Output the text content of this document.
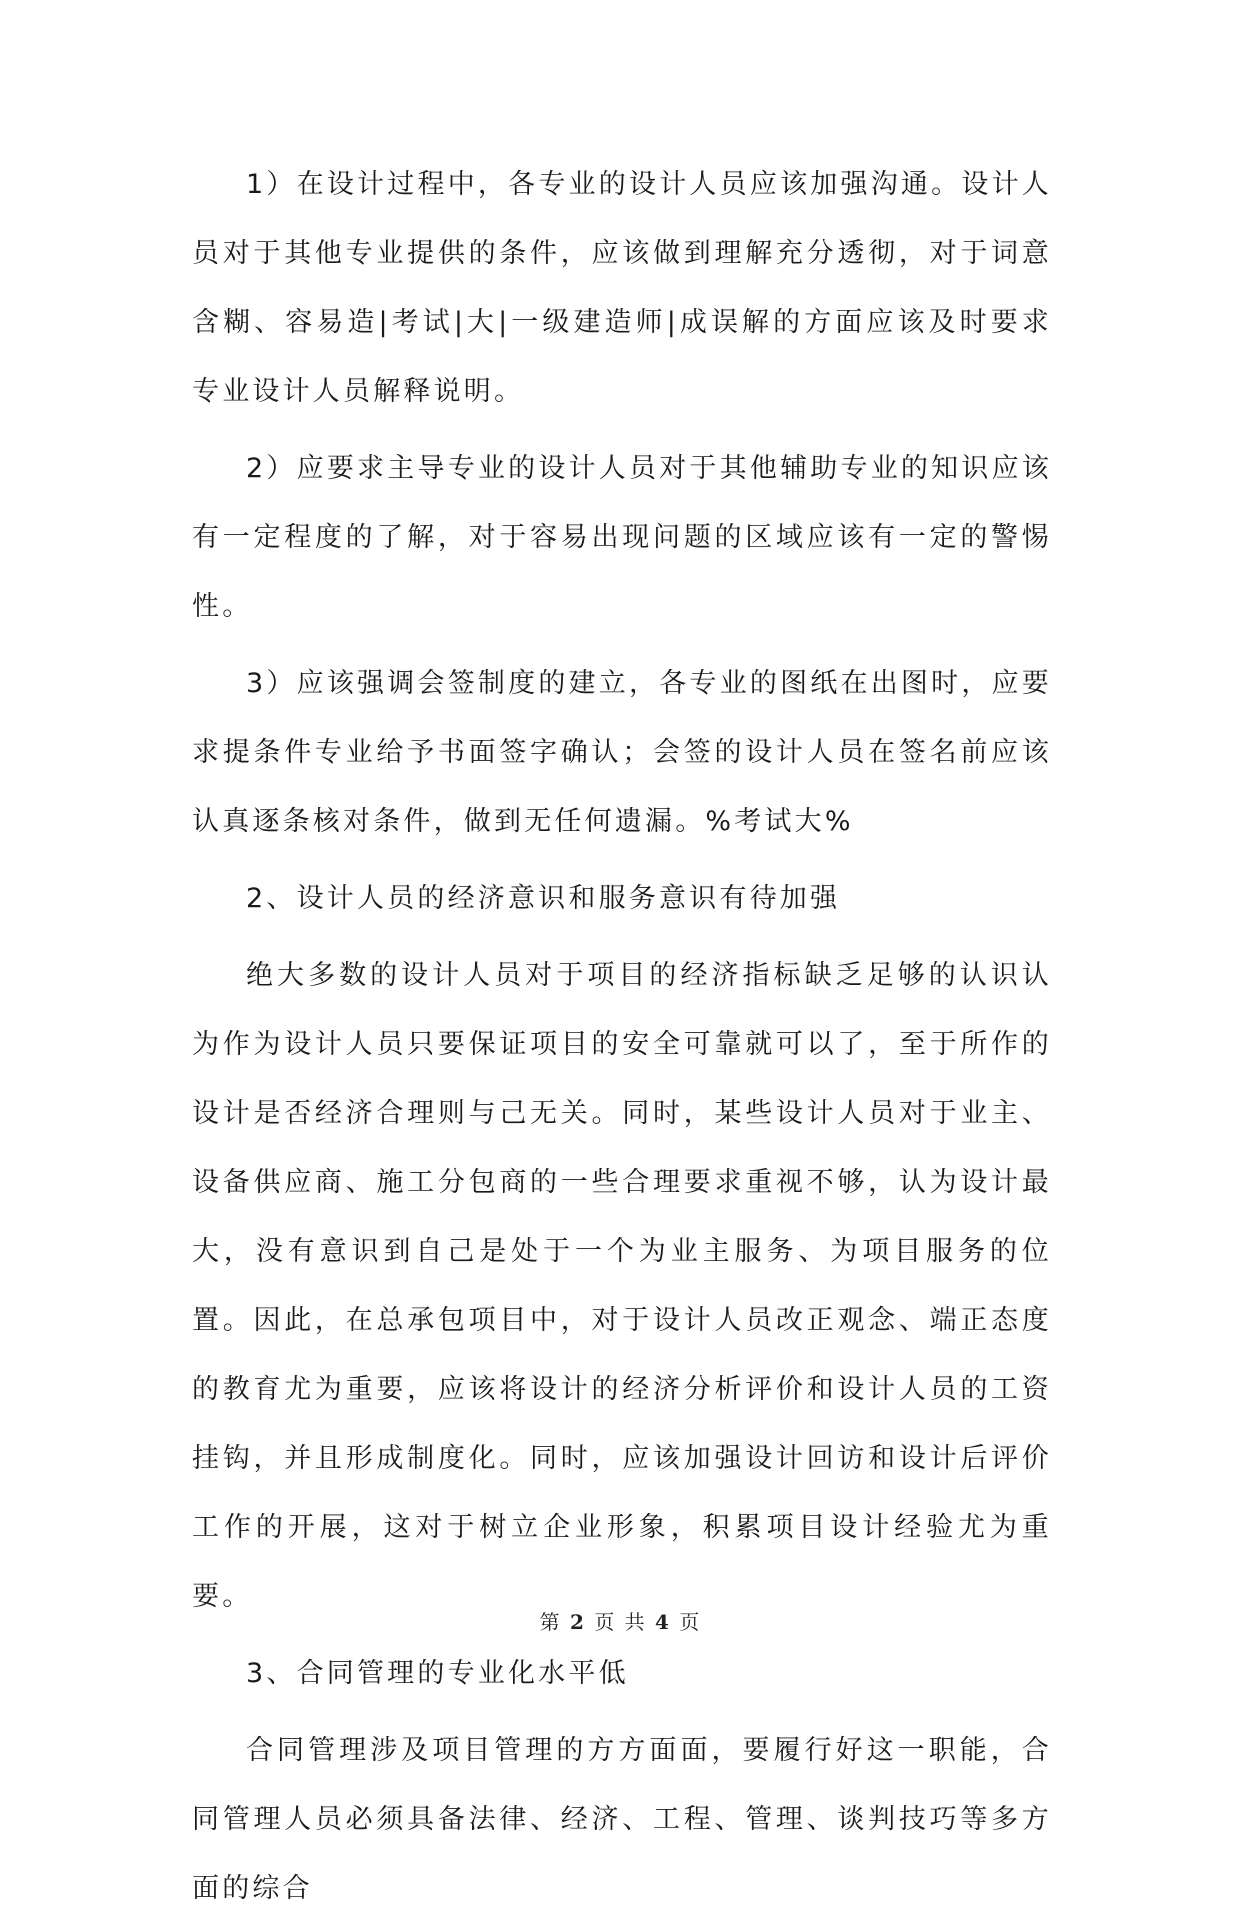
1）在设计过程中，各专业的设计人员应该加强沟通。设计人员对于其他专业提供的条件，应该做到理解充分透彻，对于词意含糊、容易造|考试|大|一级建造师|成误解的方面应该及时要求专业设计人员解释说明。

2）应要求主导专业的设计人员对于其他辅助专业的知识应该有一定程度的了解，对于容易出现问题的区域应该有一定的警惕性。

3）应该强调会签制度的建立，各专业的图纸在出图时，应要求提条件专业给予书面签字确认；会签的设计人员在签名前应该认真逐条核对条件，做到无任何遗漏。%考试大%

2、设计人员的经济意识和服务意识有待加强

绝大多数的设计人员对于项目的经济指标缺乏足够的认识认为作为设计人员只要保证项目的安全可靠就可以了，至于所作的设计是否经济合理则与己无关。同时，某些设计人员对于业主、设备供应商、施工分包商的一些合理要求重视不够，认为设计最大，没有意识到自己是处于一个为业主服务、为项目服务的位置。因此，在总承包项目中，对于设计人员改正观念、端正态度的教育尤为重要，应该将设计的经济分析评价和设计人员的工资挂钩，并且形成制度化。同时，应该加强设计回访和设计后评价工作的开展，这对于树立企业形象，积累项目设计经验尤为重要。

3、合同管理的专业化水平低

合同管理涉及项目管理的方方面面，要履行好这一职能，合同管理人员必须具备法律、经济、工程、管理、谈判技巧等多方面的综合

第 2 页 共 4 页
